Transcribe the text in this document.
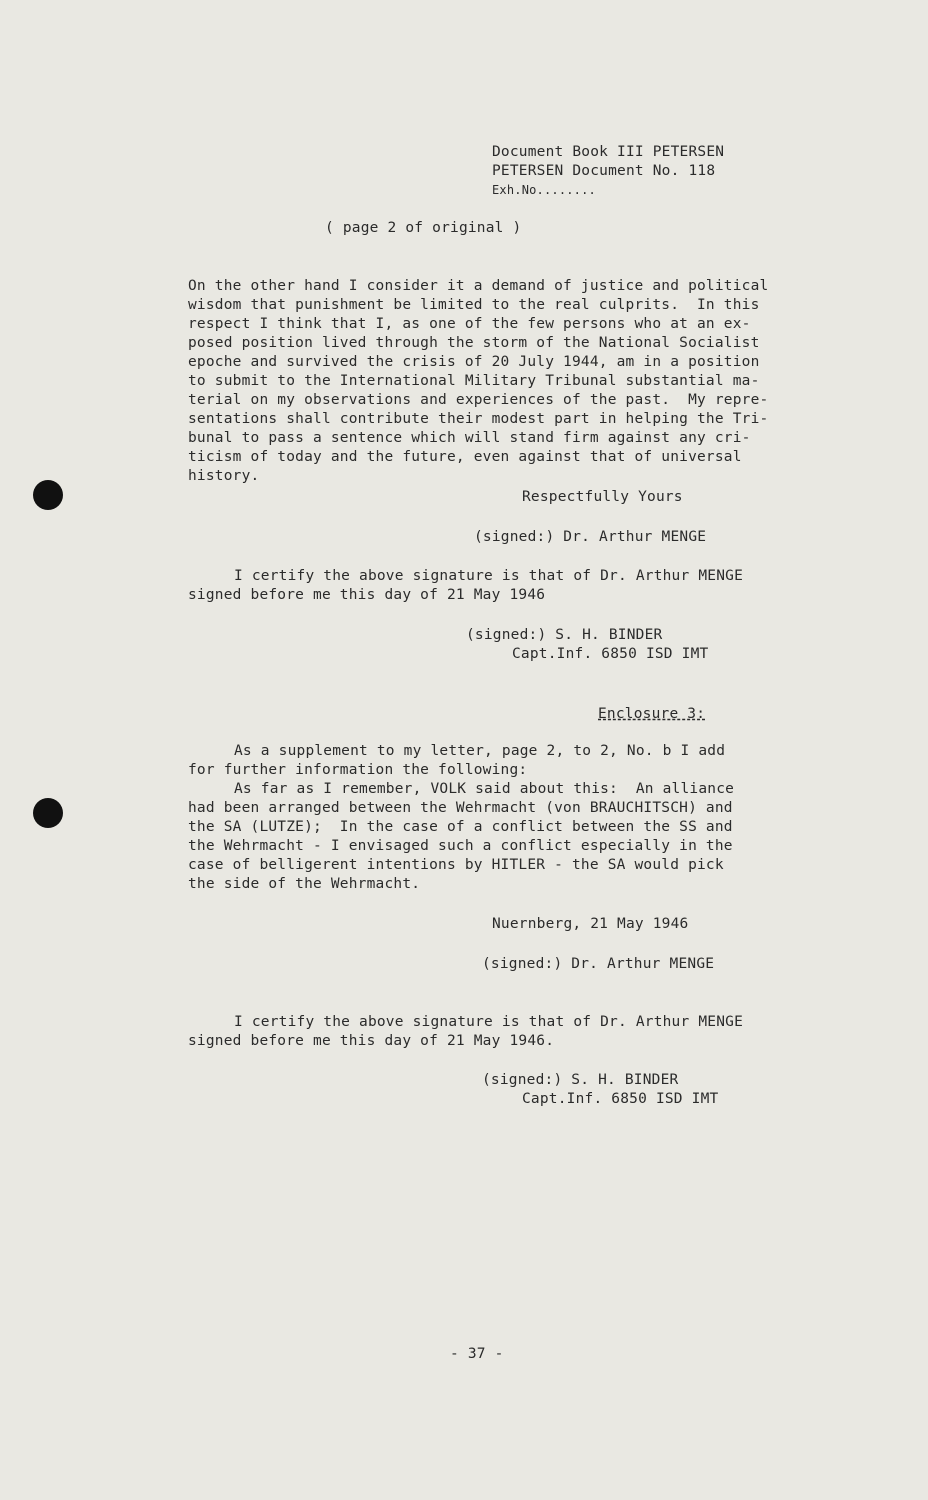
Document Book III PETERSEN
PETERSEN Document No. 118
Exh.No........
( page 2 of original )
On the other hand I consider it a demand of justice and political
wisdom that punishment be limited to the real culprits.  In this
respect I think that I, as one of the few persons who at an ex-
posed position lived through the storm of the National Socialist
epoche and survived the crisis of 20 July 1944, am in a position
to submit to the International Military Tribunal substantial ma-
terial on my observations and experiences of the past.  My repre-
sentations shall contribute their modest part in helping the Tri-
bunal to pass a sentence which will stand firm against any cri-
ticism of today and the future, even against that of universal
history.
Respectfully Yours
(signed:) Dr. Arthur MENGE
I certify the above signature is that of Dr. Arthur MENGE
signed before me this day of 21 May 1946
(signed:) S. H. BINDER
Capt.Inf. 6850 ISD IMT
Enclosure 3:
As a supplement to my letter, page 2, to 2, No. b I add
for further information the following:
As far as I remember, VOLK said about this:  An alliance
had been arranged between the Wehrmacht (von BRAUCHITSCH) and
the SA (LUTZE);  In the case of a conflict between the SS and
the Wehrmacht - I envisaged such a conflict especially in the
case of belligerent intentions by HITLER - the SA would pick
the side of the Wehrmacht.
Nuernberg, 21 May 1946
(signed:) Dr. Arthur MENGE
I certify the above signature is that of Dr. Arthur MENGE
signed before me this day of 21 May 1946.
(signed:) S. H. BINDER
Capt.Inf. 6850 ISD IMT
- 37 -
